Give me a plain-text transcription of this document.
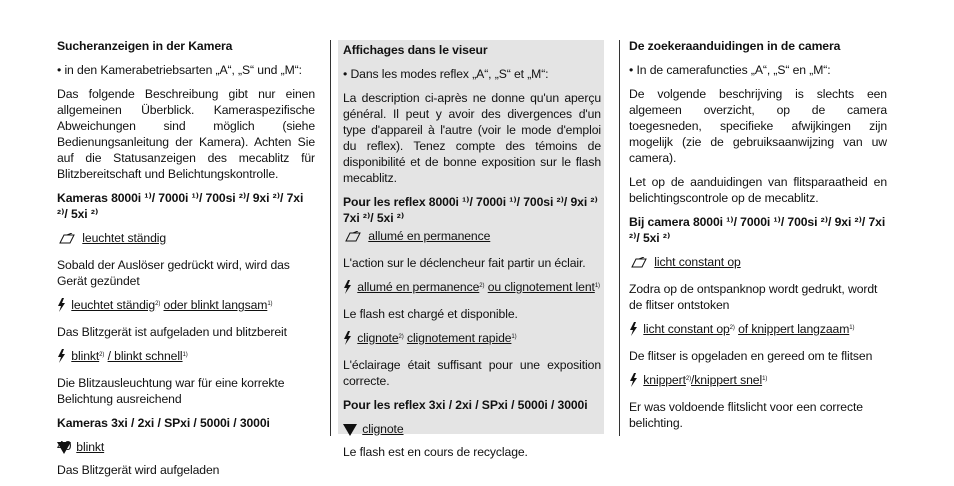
Sucheranzeigen in der Kamera

• in den Kamerabetriebsarten „A“, „S“ und „M“:

Das folgende Beschreibung gibt nur einen allgemeinen Überblick. Kameraspezifische Abweichungen sind möglich (siehe Bedienungsanleitung der Kamera). Achten Sie auf die Statusanzeigen des mecablitz für Blitzbereitschaft und Belichtungskontrolle.

Kameras 8000i ¹⁾/ 7000i ¹⁾/ 700si ²⁾/ 9xi ²⁾/ 7xi ²⁾/ 5xi ²⁾

leuchtet ständig

Sobald der Auslöser gedrückt wird, wird das Gerät gezündet

leuchtet ständig$^{2)}$ oder blinkt langsam$^{1)}$

Das Blitzgerät ist aufgeladen und blitzbereit

blinkt$^{2)}$ / blinkt schnell$^{1)}$

Die Blitzausleuchtung war für eine korrekte Belichtung ausreichend

Kameras 3xi / 2xi / SPxi / 5000i / 3000i

blinkt

Das Blitzgerät wird aufgeladen

Affichages dans le viseur

• Dans les modes reflex „A“, „S“ et „M“:

La description ci-après ne donne qu'un aperçu général. Il peut y avoir des divergences d'un type d'appareil à l'autre (voir le mode d'emploi du reflex). Tenez compte des témoins de disponibilité et de bonne exposition sur le flash mecablitz.

Pour les reflex 8000i ¹⁾/ 7000i ¹⁾/ 700si ²⁾/ 9xi ²⁾ 7xi ²⁾/ 5xi ²⁾

allumé en permanence

L'action sur le déclencheur fait partir un éclair.

allumé en permanence$^{2)}$ ou clignotement lent$^{1)}$

Le flash est chargé et disponible.

clignote$^{2)}$ clignotement rapide$^{1)}$

L'éclairage était suffisant pour une exposition correcte.

Pour les reflex 3xi / 2xi / SPxi / 5000i / 3000i

clignote

Le flash est en cours de recyclage.

De zoekeraanduidingen in de camera

• In de camerafuncties „A“, „S“ en „M“:

De volgende beschrijving is slechts een algemeen overzicht, op de camera toegesneden, specifieke afwijkingen zijn mogelijk (zie de gebruiksaanwijzing van uw camera).

Let op de aanduidingen van flitsparaatheid en belichtingscontrole op de mecablitz.

Bij camera 8000i ¹⁾/ 7000i ¹⁾/ 700si ²⁾/ 9xi ²⁾/ 7xi ²⁾/ 5xi ²⁾

licht constant op

Zodra op de ontspanknop wordt gedrukt, wordt de flitser ontstoken

licht constant $op^{2)}$ of knippert langzaam$^{1)}$

De flitser is opgeladen en gereed om te flitsen

knippert$^{2)}$/knippert snel$^{1)}$

Er was voldoende flitslicht voor een correcte belichting.

40
